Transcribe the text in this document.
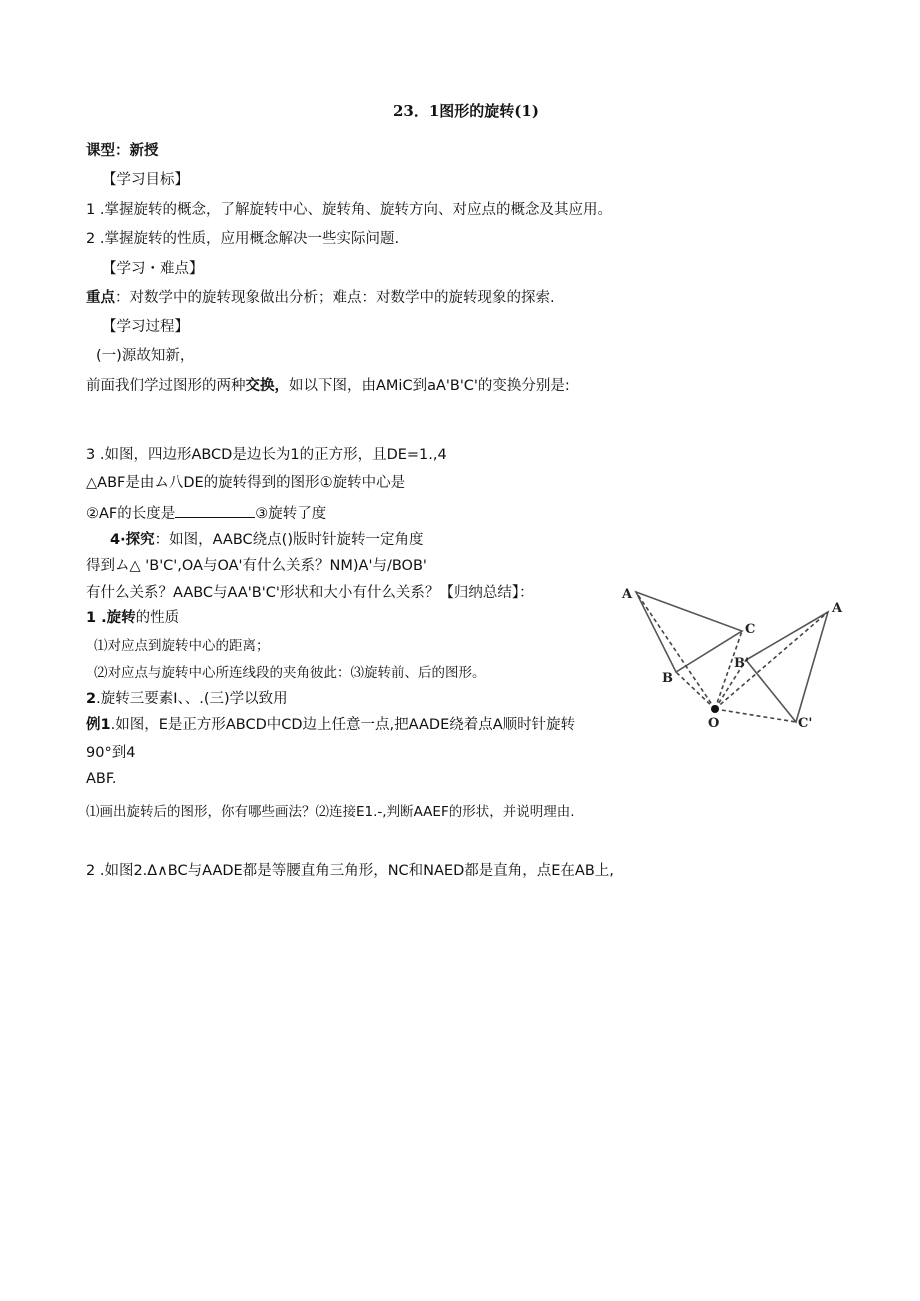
23．1图形的旋转(1)
课型：新授
【学习目标】
1 .掌握旋转的概念，了解旋转中心、旋转角、旋转方向、对应点的概念及其应用。
2 .掌握旋转的性质，应用概念解决一些实际问题.
【学习・难点】
重点：对数学中的旋转现象做出分析；难点：对数学中的旋转现象的探索.
【学习过程】
(一)源故知新，
前面我们学过图形的两种交换，如以下图，由AMiC到aA'B'C'的变换分别是:
3 .如图，四边形ABCD是边长为1的正方形，且DE=1.,4
△ABF是由ム八DE的旋转得到的图形①旋转中心是
②AF的长度是	③旋转了度
4·探究：如图，AABC绕点()版时针旋转一定角度
得到ム△ 'B'C',OA与OA'有什么关系？NM)A'与/BOB'
有什么关系？AABC与AA'B'C'形状和大小有什么关系？【归纳总结】：
1 .旋转的性质
⑴对应点到旋转中心的距离；
⑵对应点与旋转中心所连线段的夹角彼此：⑶旋转前、后的图形。
2.旋转三要素I、、.(三)学以致用
例1.如图，E是正方形ABCD中CD边上任意一点,把AADE绕着点A顺时针旋转
90°到4
ABF.
⑴画出旋转后的图形，你有哪些画法？⑵连接E1.-,判断AAEF的形状，并说明理由.
2 .如图2.Δ∧BC与AADE都是等腰直角三角形，NC和NAED都是直角，点E在AB上,
A
C
B
B'
O
A
C'
